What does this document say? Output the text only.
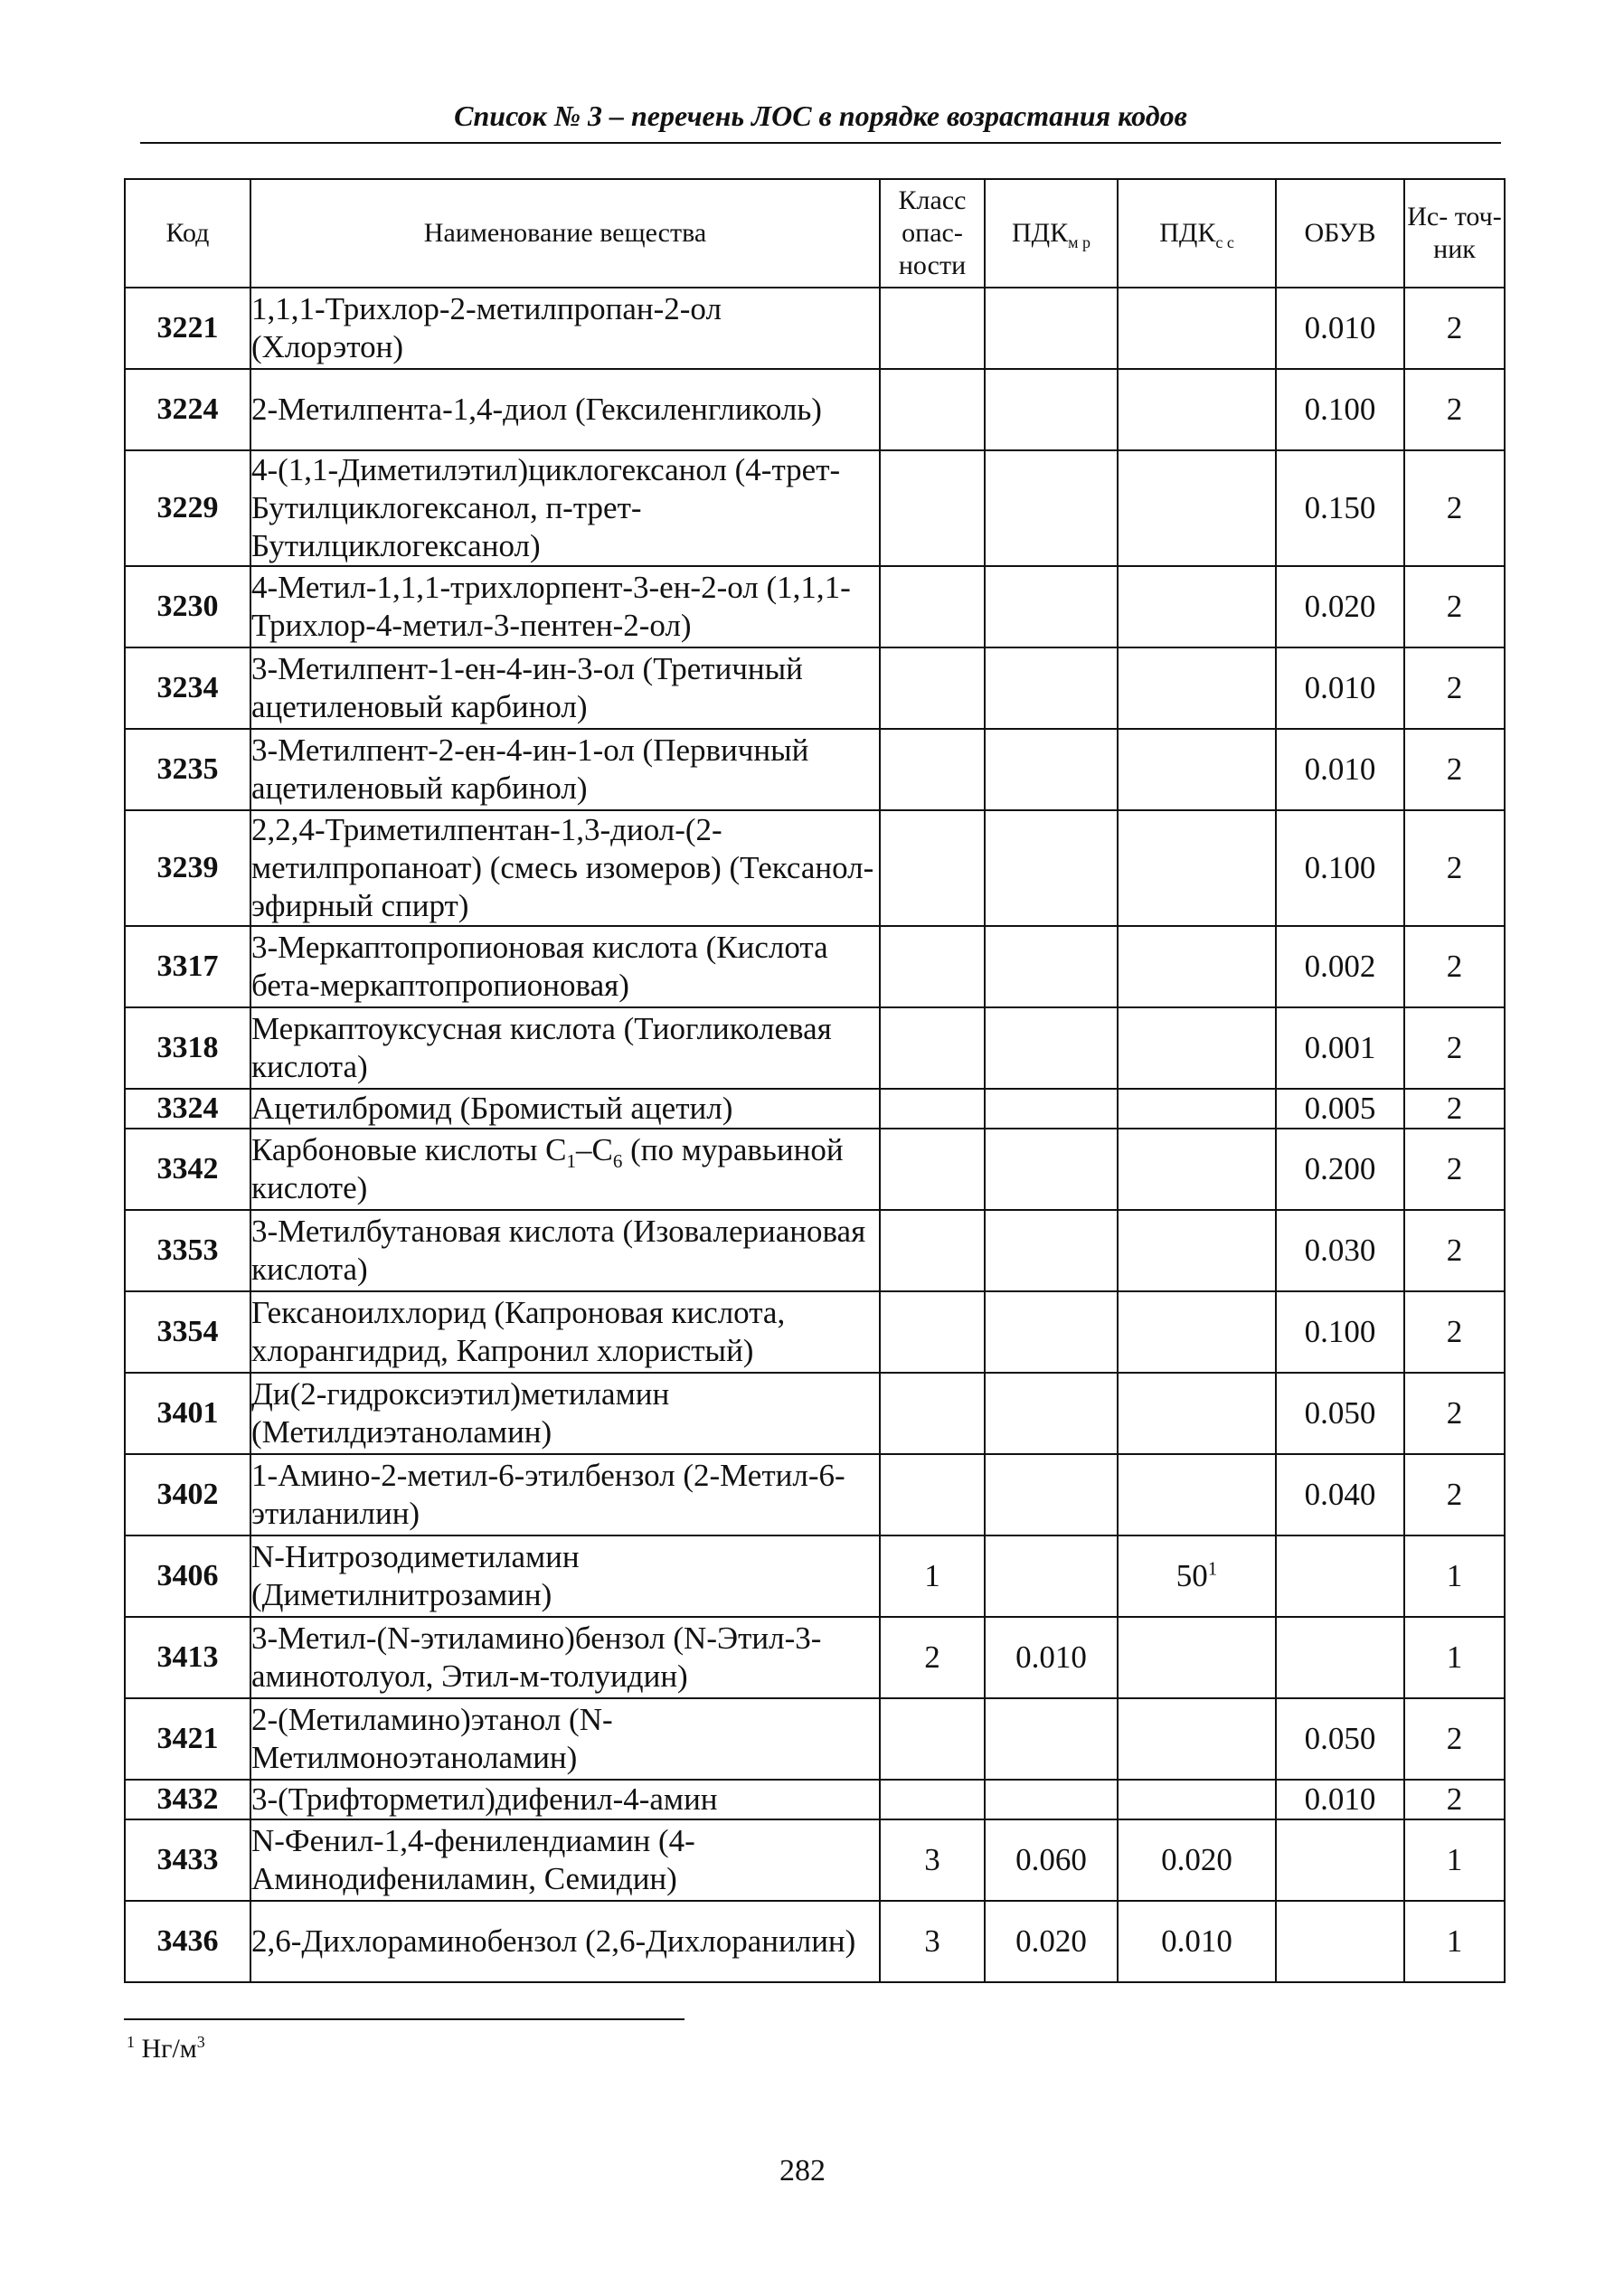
Список № 3 – перечень ЛОС в порядке возрастания кодов
Код	Наименование вещества	Класс опас- ности	$ПДК_{м р}$	$ПДК_{с с}$	ОБУВ	Ис- точ- ник
3221	1,1,1-Трихлор-2-метилпропан-2-ол (Хлорэтон)				0.010	2
3224	2-Метилпента-1,4-диол (Гексиленгликоль)				0.100	2
3229	4-(1,1-Диметилэтил)циклогексанол (4-трет-Бутилциклогексанол, п-трет-Бутилциклогексанол)				0.150	2
3230	4-Метил-1,1,1-трихлорпент-3-ен-2-ол (1,1,1-Трихлор-4-метил-3-пентен-2-ол)				0.020	2
3234	3-Метилпент-1-ен-4-ин-3-ол (Третичный ацетиленовый карбинол)				0.010	2
3235	3-Метилпент-2-ен-4-ин-1-ол (Первичный ацетиленовый карбинол)				0.010	2
3239	2,2,4-Триметилпентан-1,3-диол-(2-метилпропаноат) (смесь изомеров) (Тексанол-эфирный спирт)				0.100	2
3317	3-Меркаптопропионовая кислота (Кислота бета-меркаптопропионовая)				0.002	2
3318	Меркаптоуксусная кислота (Тиогликолевая кислота)				0.001	2
3324	Ацетилбромид (Бромистый ацетил)				0.005	2
3342	Карбоновые кислоты $C_1-C_6$ (по муравьиной кислоте)				0.200	2
3353	3-Метилбутановая кислота (Изовалериановая кислота)				0.030	2
3354	Гексаноилхлорид (Капроновая кислота, хлорангидрид, Капронил хлористый)				0.100	2
3401	Ди(2-гидроксиэтил)метиламин (Метилдиэтаноламин)				0.050	2
3402	1-Амино-2-метил-6-этилбензол (2-Метил-6-этиланилин)				0.040	2
3406	N-Нитрозодиметиламин (Диметилнитрозамин)	1		$50^1$		1
3413	3-Метил-(N-этиламино)бензол (N-Этил-3-аминотолуол, Этил-м-толуидин)	2	0.010			1
3421	2-(Метиламино)этанол (N-Метилмоноэтаноламин)				0.050	2
3432	3-(Трифторметил)дифенил-4-амин				0.010	2
3433	N-Фенил-1,4-фенилендиамин (4-Аминодифениламин, Семидин)	3	0.060	0.020		1
3436	2,6-Дихлораминобензол (2,6-Дихлоранилин)	3	0.020	0.010		1
$^1$ $Нг/м^3$
282
